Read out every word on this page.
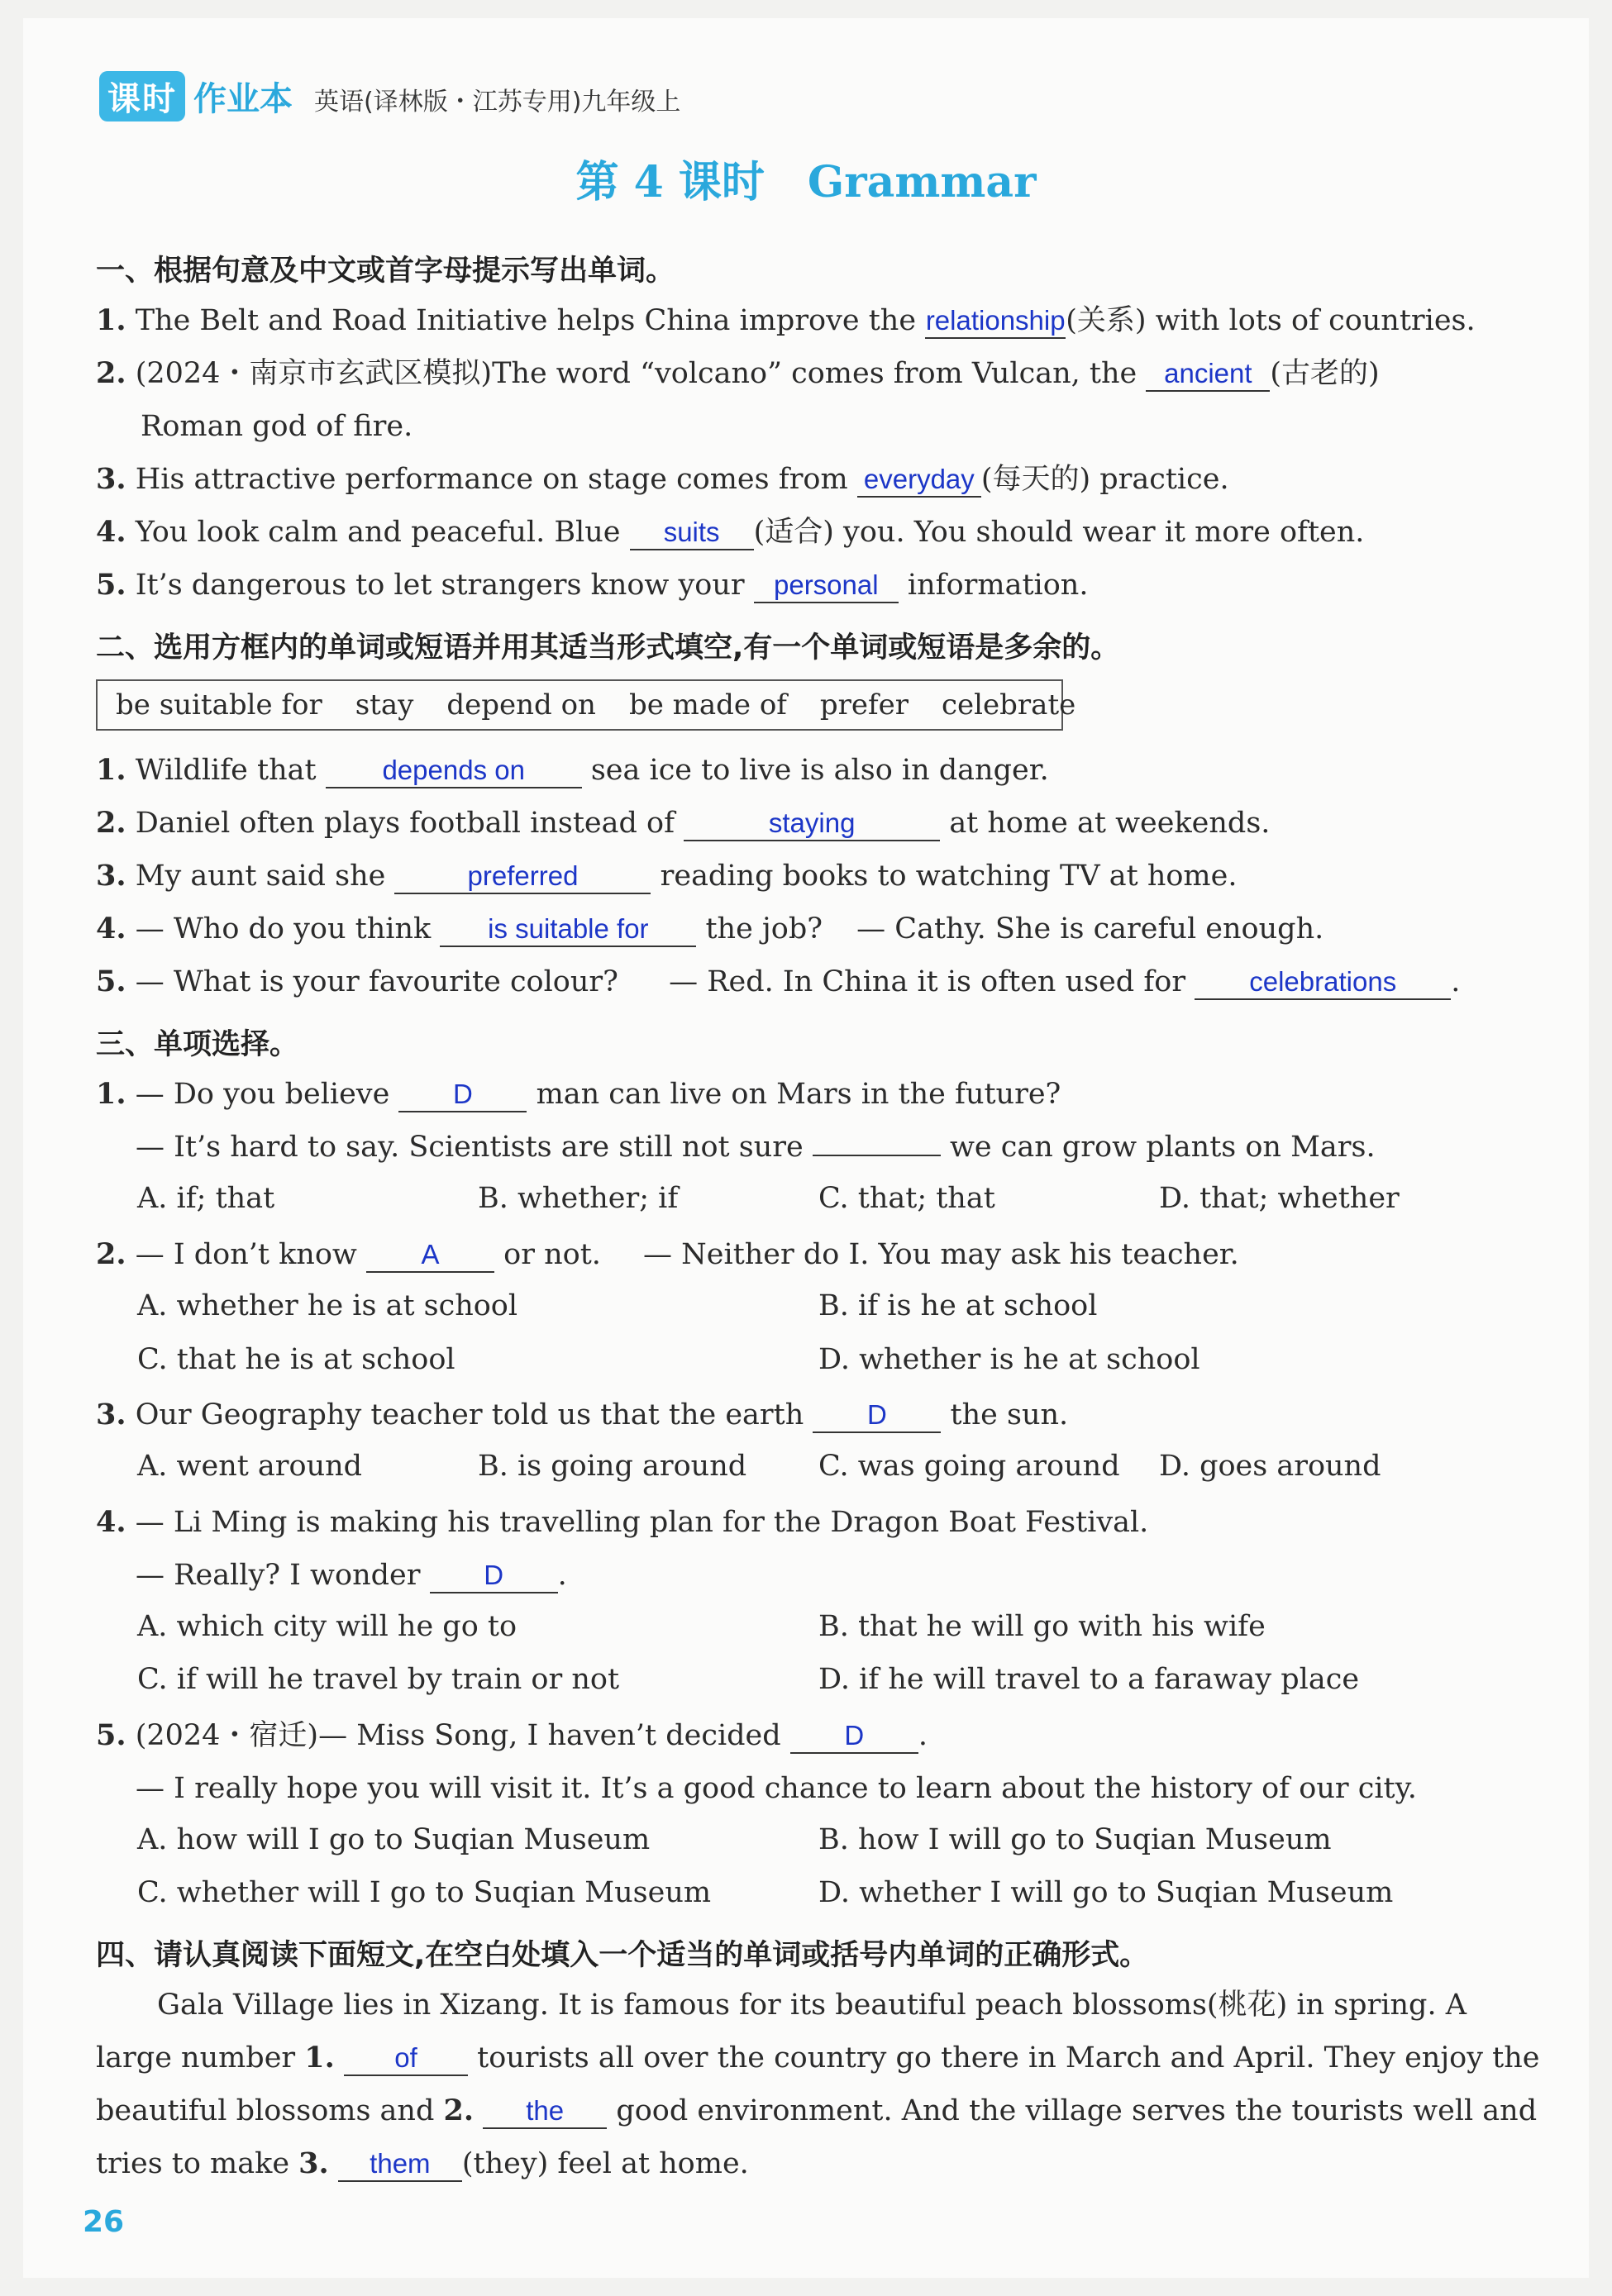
课时 作业本 英语(译林版・江苏专用)九年级上
第 4 课时　Grammar
一、根据句意及中文或首字母提示写出单词。
1. The Belt and Road Initiative helps China improve the relationship(关系) with lots of countries.
2. (2024・南京市玄武区模拟)The word “volcano” comes from Vulcan, the ancient (古老的)
Roman god of fire.
3. His attractive performance on stage comes from everyday (每天的) practice.
4. You look calm and peaceful. Blue suits (适合) you. You should wear it more often.
5. It’s dangerous to let strangers know your personal information.
二、选用方框内的单词或短语并用其适当形式填空,有一个单词或短语是多余的。
be suitable for stay depend on be made of prefer celebrate
1. Wildlife that depends on sea ice to live is also in danger.
2. Daniel often plays football instead of	staying	at home at weekends.
3. My aunt said she	preferred	reading books to watching TV at home.
4. — Who do you think is suitable for the job? — Cathy. She is careful enough.
5. — What is your favourite colour? — Red. In China it is often used for celebrations .
三、单项选择。
1. — Do you believe D man can live on Mars in the future?
— It’s hard to say. Scientists are still not sure	we can grow plants on Mars.
A. if; that	B. whether; if	C. that; that	D. that; whether
2. — I don’t know A or not. — Neither do I. You may ask his teacher.
A. whether he is at school	B. if is he at school
C. that he is at school	D. whether is he at school
3. Our Geography teacher told us that the earth D the sun.
A. went around	B. is going around C. was going around D. goes around
4. — Li Ming is making his travelling plan for the Dragon Boat Festival.
— Really? I wonder D .
A. which city will he go to	B. that he will go with his wife
C. if will he travel by train or not	D. if he will travel to a faraway place
5. (2024・宿迁)— Miss Song, I haven’t decided D .
— I really hope you will visit it. It’s a good chance to learn about the history of our city.
A. how will I go to Suqian Museum	B. how I will go to Suqian Museum
C. whether will I go to Suqian Museum	D. whether I will go to Suqian Museum
四、请认真阅读下面短文,在空白处填入一个适当的单词或括号内单词的正确形式。
Gala Village lies in Xizang. It is famous for its beautiful peach blossoms(桃花) in spring. A
large number 1. of tourists all over the country go there in March and April. They enjoy the
beautiful blossoms and 2. the good environment. And the village serves the tourists well and
tries to make 3. them (they) feel at home.
26
